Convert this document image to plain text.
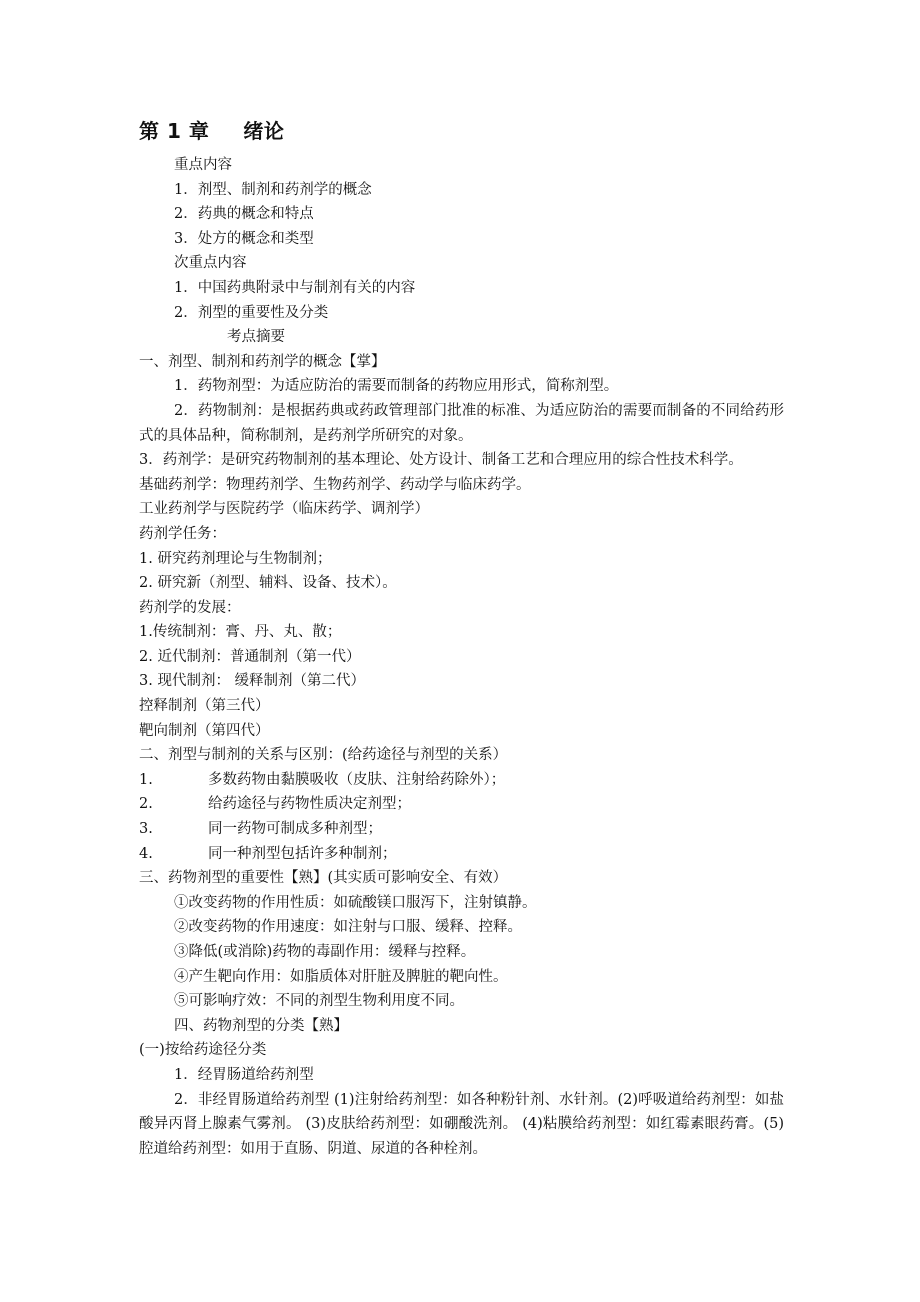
第 1 章 绪论
重点内容
1．剂型、制剂和药剂学的概念
2．药典的概念和特点
3．处方的概念和类型
次重点内容
1．中国药典附录中与制剂有关的内容
2．剂型的重要性及分类
考点摘要
一、剂型、制剂和药剂学的概念【掌】
1．药物剂型：为适应防治的需要而制备的药物应用形式，简称剂型。
2．药物制剂：是根据药典或药政管理部门批准的标准、为适应防治的需要而制备的不同给药形式的具体品种，简称制剂，是药剂学所研究的对象。
3．药剂学：是研究药物制剂的基本理论、处方设计、制备工艺和合理应用的综合性技术科学。
基础药剂学：物理药剂学、生物药剂学、药动学与临床药学。
工业药剂学与医院药学（临床药学、调剂学）
药剂学任务：
1. 研究药剂理论与生物制剂；
2. 研究新（剂型、辅料、设备、技术）。
药剂学的发展：
1.传统制剂：膏、丹、丸、散；
2. 近代制剂：普通制剂（第一代）
3. 现代制剂： 缓释制剂（第二代）
控释制剂（第三代）
靶向制剂（第四代）
二、剂型与制剂的关系与区别：(给药途径与剂型的关系）
1.	多数药物由黏膜吸收（皮肤、注射给药除外）；
2.	给药途径与药物性质决定剂型；
3.	同一药物可制成多种剂型；
4.	同一种剂型包括许多种制剂；
三、药物剂型的重要性【熟】(其实质可影响安全、有效）
①改变药物的作用性质：如硫酸镁口服泻下，注射镇静。
②改变药物的作用速度：如注射与口服、缓释、控释。
③降低(或消除)药物的毒副作用：缓释与控释。
④产生靶向作用：如脂质体对肝脏及脾脏的靶向性。
⑤可影响疗效：不同的剂型生物利用度不同。
四、药物剂型的分类【熟】
(一)按给药途径分类
1．经胃肠道给药剂型
2．非经胃肠道给药剂型 (1)注射给药剂型：如各种粉针剂、水针剂。(2)呼吸道给药剂型：如盐酸异丙肾上腺素气雾剂。 (3)皮肤给药剂型：如硼酸洗剂。 (4)粘膜给药剂型：如红霉素眼药膏。(5)腔道给药剂型：如用于直肠、阴道、尿道的各种栓剂。
